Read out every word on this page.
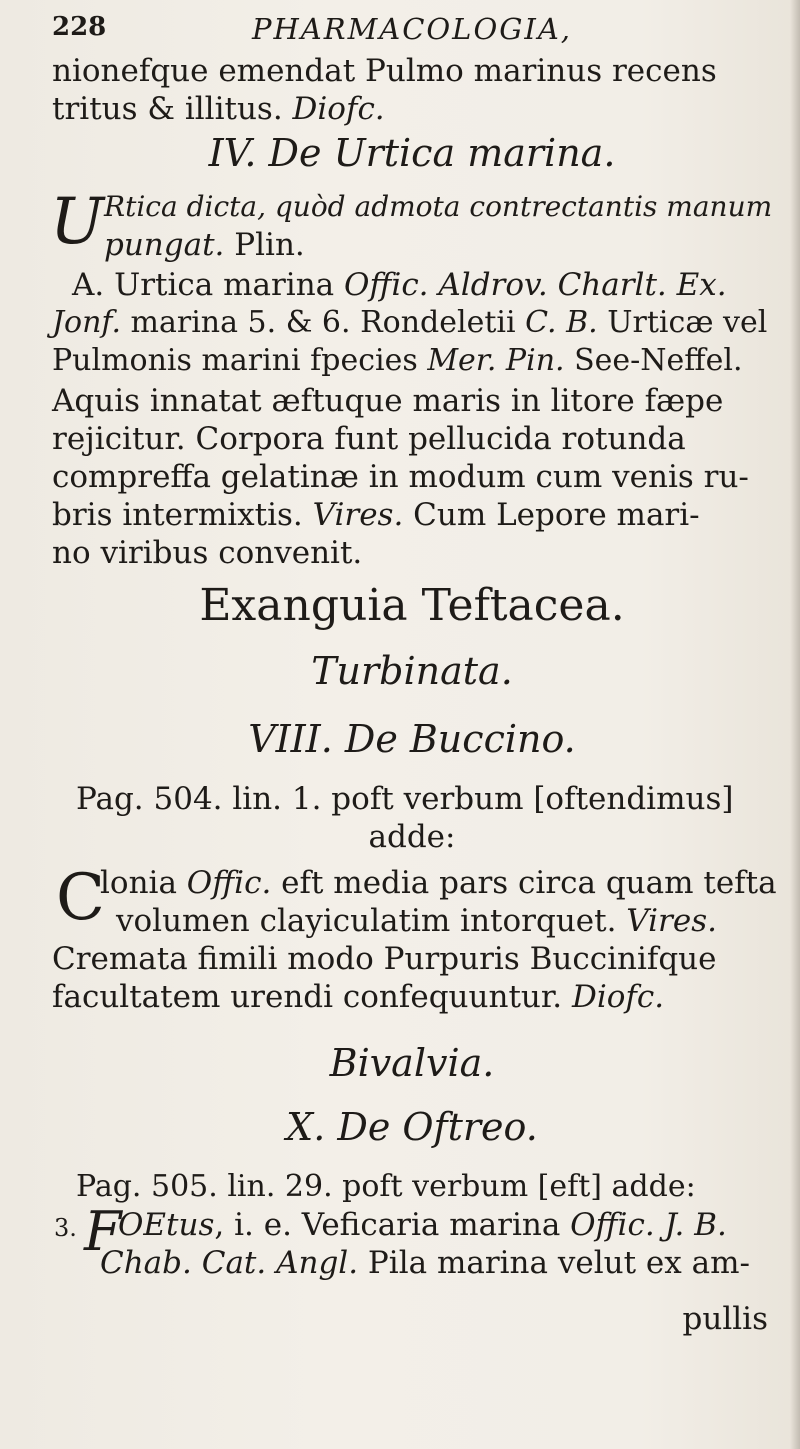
228	PHARMACOLOGIA,
nionefque emendat Pulmo marinus recens
tritus & illitus. Diofc.
IV. De Urtica marina.
U Rtica dicta, quòd admota contrectantis manum
pungat. Plin.
A. Urtica marina Offic. Aldrov. Charlt. Ex.
Jonf. marina 5. & 6. Rondeletii C. B. Urticæ vel
Pulmonis marini fpecies Mer. Pin. See-Neffel.
Aquis innatat æftuque maris in litore fæpe
rejicitur. Corpora funt pellucida rotunda
compreffa gelatinæ in modum cum venis ru-
bris intermixtis. Vires. Cum Lepore mari-
no viribus convenit.
Exanguia Teftacea.
Turbinata.
VIII. De Buccino.
Pag. 504. lin. 1. poft verbum [oftendimus]
adde:
C
lonia Offic. eft media pars circa quam tefta
volumen clayiculatim intorquet. Vires.
Cremata fimili modo Purpuris Buccinifque
facultatem urendi confequuntur. Diofc.
Bivalvia.
X. De Oftreo.
Pag. 505. lin. 29. poft verbum [eft] adde:
3. F
OEtus, i. e. Veficaria marina Offic. J. B.
Chab. Cat. Angl. Pila marina velut ex am-
pullis
